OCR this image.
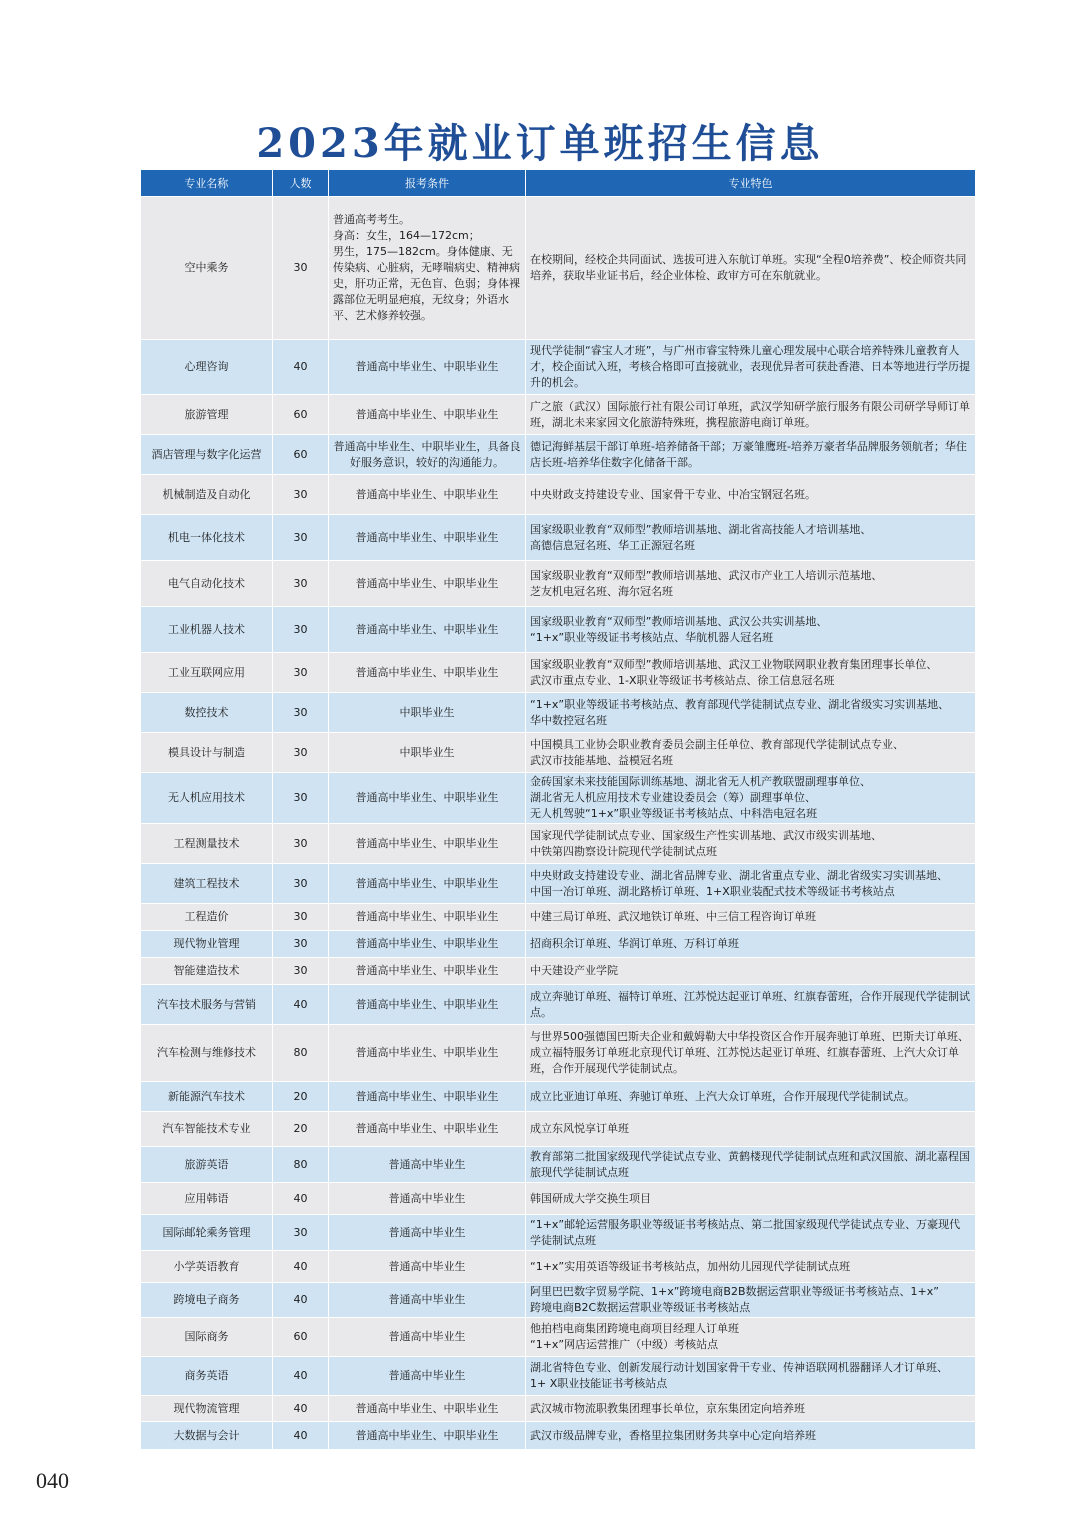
2023年就业订单班招生信息
专业名称	人数	报考条件	专业特色
空中乘务	30	普通高考考生。
身高：女生，164—172cm；
男生，175—182cm。身体健康、无传染病、心脏病，无哮喘病史、精神病史，肝功正常，无色盲、色弱；身体裸露部位无明显疤痕，无纹身；外语水平、艺术修养较强。	在校期间，经校企共同面试、选拔可进入东航订单班。实现“全程0培养费”、校企师资共同培养，获取毕业证书后，经企业体检、政审方可在东航就业。
心理咨询	40	普通高中毕业生、中职毕业生	现代学徒制“睿宝人才班”，与广州市睿宝特殊儿童心理发展中心联合培养特殊儿童教育人才，校企面试入班，考核合格即可直接就业，表现优异者可获赴香港、日本等地进行学历提升的机会。
旅游管理	60	普通高中毕业生、中职毕业生	广之旅（武汉）国际旅行社有限公司订单班，武汉学知研学旅行服务有限公司研学导师订单班，湖北未来家园文化旅游特殊班，携程旅游电商订单班。
酒店管理与数字化运营	60	普通高中毕业生、中职毕业生，具备良好服务意识，较好的沟通能力。	德记海鲜基层干部订单班-培养储备干部；万豪雏鹰班-培养万豪者华品牌服务领航者；华住店长班-培养华住数字化储备干部。
机械制造及自动化	30	普通高中毕业生、中职毕业生	中央财政支持建设专业、国家骨干专业、中冶宝钢冠名班。
机电一体化技术	30	普通高中毕业生、中职毕业生	国家级职业教育“双师型”教师培训基地、湖北省高技能人才培训基地、
高德信息冠名班、华工正源冠名班
电气自动化技术	30	普通高中毕业生、中职毕业生	国家级职业教育“双师型”教师培训基地、武汉市产业工人培训示范基地、
芝友机电冠名班、海尔冠名班
工业机器人技术	30	普通高中毕业生、中职毕业生	国家级职业教育“双师型”教师培训基地、武汉公共实训基地、
“1+x”职业等级证书考核站点、华航机器人冠名班
工业互联网应用	30	普通高中毕业生、中职毕业生	国家级职业教育“双师型”教师培训基地、武汉工业物联网职业教育集团理事长单位、
武汉市重点专业、1-X职业等级证书考核站点、徐工信息冠名班
数控技术	30	中职毕业生	“1+x”职业等级证书考核站点、教育部现代学徒制试点专业、湖北省级实习实训基地、
华中数控冠名班
模具设计与制造	30	中职毕业生	中国模具工业协会职业教育委员会副主任单位、教育部现代学徒制试点专业、
武汉市技能基地、益模冠名班
无人机应用技术	30	普通高中毕业生、中职毕业生	金砖国家未来技能国际训练基地、湖北省无人机产教联盟副理事单位、
湖北省无人机应用技术专业建设委员会（筹）副理事单位、
无人机驾驶“1+x”职业等级证书考核站点、中科浩电冠名班
工程测量技术	30	普通高中毕业生、中职毕业生	国家现代学徒制试点专业、国家级生产性实训基地、武汉市级实训基地、
中铁第四勘察设计院现代学徒制试点班
建筑工程技术	30	普通高中毕业生、中职毕业生	中央财政支持建设专业、湖北省品牌专业、湖北省重点专业、湖北省级实习实训基地、
中国一冶订单班、湖北路桥订单班、1+X职业装配式技术等级证书考核站点
工程造价	30	普通高中毕业生、中职毕业生	中建三局订单班、武汉地铁订单班、中三信工程咨询订单班
现代物业管理	30	普通高中毕业生、中职毕业生	招商积余订单班、华润订单班、万科订单班
智能建造技术	30	普通高中毕业生、中职毕业生	中天建设产业学院
汽车技术服务与营销	40	普通高中毕业生、中职毕业生	成立奔驰订单班、福特订单班、江苏悦达起亚订单班、红旗春蕾班，合作开展现代学徒制试点。
汽车检测与维修技术	80	普通高中毕业生、中职毕业生	与世界500强德国巴斯夫企业和戴姆勒大中华投资区合作开展奔驰订单班、巴斯夫订单班、成立福特服务订单班北京现代订单班、江苏悦达起亚订单班、红旗春蕾班、上汽大众订单班，合作开展现代学徒制试点。
新能源汽车技术	20	普通高中毕业生、中职毕业生	成立比亚迪订单班、奔驰订单班、上汽大众订单班，合作开展现代学徒制试点。
汽车智能技术专业	20	普通高中毕业生、中职毕业生	成立东风悦享订单班
旅游英语	80	普通高中毕业生	教育部第二批国家级现代学徒试点专业、黄鹤楼现代学徒制试点班和武汉国旅、湖北嘉程国旅现代学徒制试点班
应用韩语	40	普通高中毕业生	韩国研成大学交换生项目
国际邮轮乘务管理	30	普通高中毕业生	“1+x”邮轮运营服务职业等级证书考核站点、第二批国家级现代学徒试点专业、万豪现代学徒制试点班
小学英语教育	40	普通高中毕业生	“1+x”实用英语等级证书考核站点，加州幼儿园现代学徒制试点班
跨境电子商务	40	普通高中毕业生	阿里巴巴数字贸易学院、1+x”跨境电商B2B数据运营职业等级证书考核站点、1+x”
跨境电商B2C数据运营职业等级证书考核站点
国际商务	60	普通高中毕业生	他拍档电商集团跨境电商项目经理人订单班
“1+x”网店运营推广（中级）考核站点
商务英语	40	普通高中毕业生	湖北省特色专业、创新发展行动计划国家骨干专业、传神语联网机器翻译人才订单班、
1+ X职业技能证书考核站点
现代物流管理	40	普通高中毕业生、中职毕业生	武汉城市物流职教集团理事长单位，京东集团定向培养班
大数据与会计	40	普通高中毕业生、中职毕业生	武汉市级品牌专业，香格里拉集团财务共享中心定向培养班
040
